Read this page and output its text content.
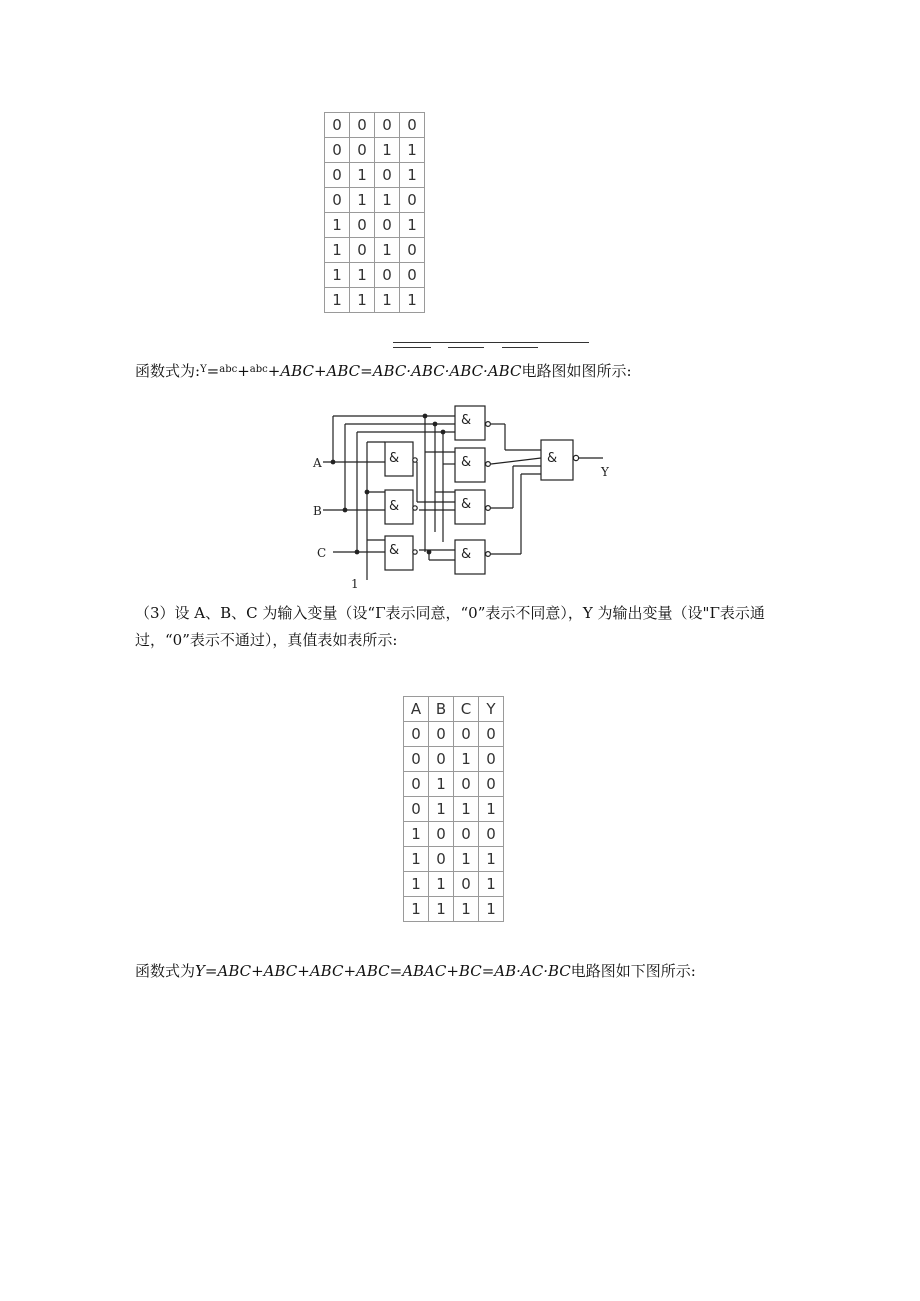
0	0	0	0
0	0	1	1
0	1	0	1
0	1	1	0
1	0	0	1
1	0	1	0
1	1	0	0
1	1	1	1
函数式为:$^Y$=$^{abc}$+$^{abc}$+ABC+ABC=ABC·ABC·ABC·ABC电路图如图所示:
&
&
&
&
&
&
&
&
A
B
C
1
Y
（3）设 A、B、C 为输入变量（设“Γ表示同意，“0”表示不同意），Y 为输出变量（设"Γ表示通过，“0”表示不通过），真值表如表所示:
A	B	C	Y
0	0	0	0
0	0	1	0
0	1	0	0
0	1	1	1
1	0	0	0
1	0	1	1
1	1	0	1
1	1	1	1
函数式为Y=ABC+ABC+ABC+ABC=ABAC+BC=AB·AC·BC电路图如下图所示:
